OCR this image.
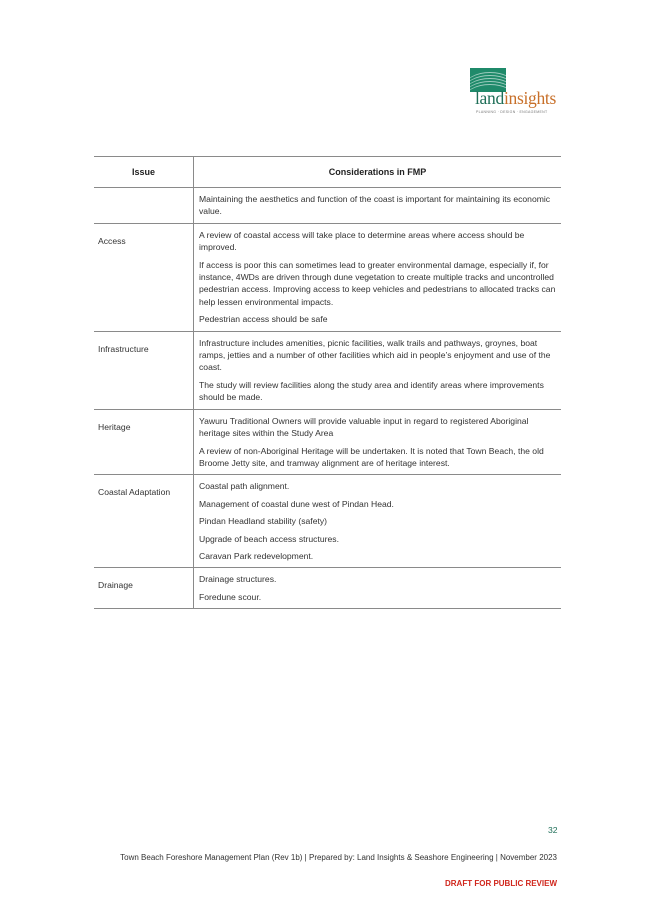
landinsights
PLANNING · DESIGN · ENGAGEMENT
Issue	Considerations in FMP

	Maintaining the aesthetics and function of the coast is important for maintaining its economic value.

Access	A review of coastal access will take place to determine areas where access should be improved.

If access is poor this can sometimes lead to greater environmental damage, especially if, for instance, 4WDs are driven through dune vegetation to create multiple tracks and uncontrolled pedestrian access. Improving access to keep vehicles and pedestrians to allocated tracks can help lessen environmental impacts.

Pedestrian access should be safe

Infrastructure	Infrastructure includes amenities, picnic facilities, walk trails and pathways, groynes, boat ramps, jetties and a number of other facilities which aid in people’s enjoyment and use of the coast.

The study will review facilities along the study area and identify areas where improvements should be made.

Heritage	Yawuru Traditional Owners will provide valuable input in regard to registered Aboriginal heritage sites within the Study Area

A review of non-Aboriginal Heritage will be undertaken. It is noted that Town Beach, the old Broome Jetty site, and tramway alignment are of heritage interest.

Coastal Adaptation	Coastal path alignment.

Management of coastal dune west of Pindan Head.

Pindan Headland stability (safety)

Upgrade of beach access structures.

Caravan Park redevelopment.

Drainage	Drainage structures.

Foredune scour.

32
Town Beach Foreshore Management Plan (Rev 1b) | Prepared by: Land Insights & Seashore Engineering | November 2023
DRAFT FOR PUBLIC REVIEW
